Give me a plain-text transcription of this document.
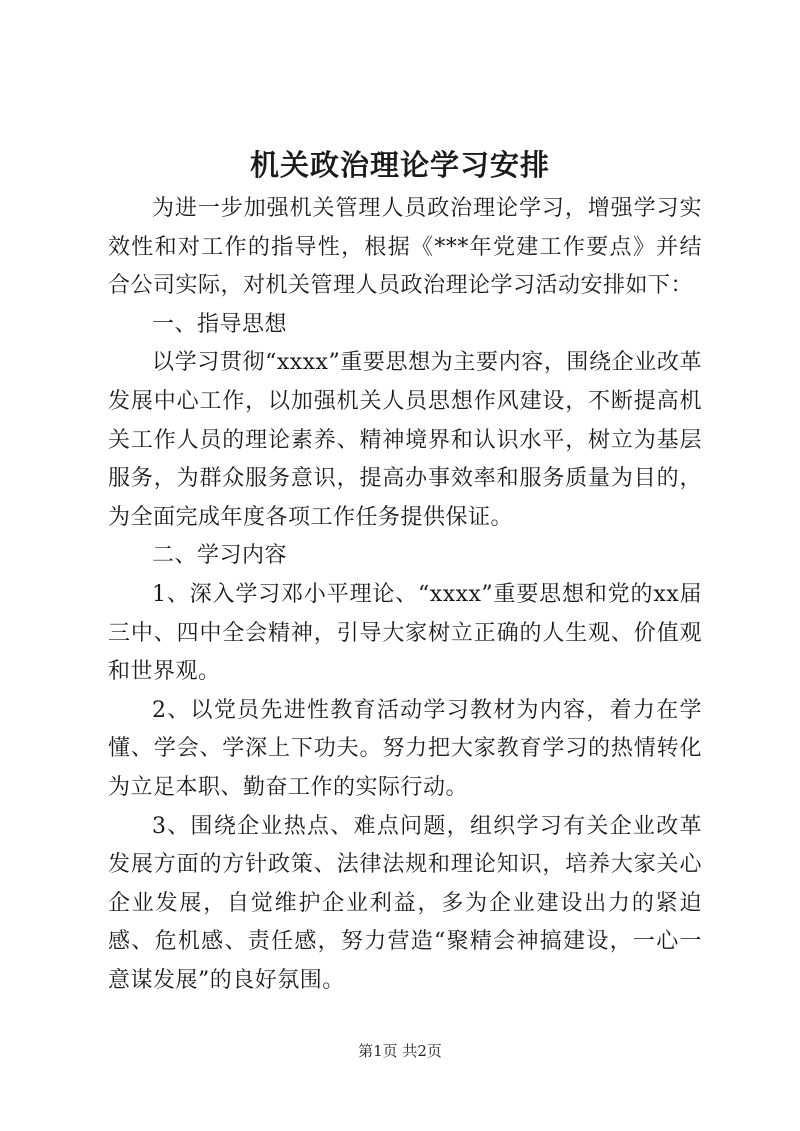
机关政治理论学习安排

为进一步加强机关管理人员政治理论学习，增强学习实效性和对工作的指导性，根据《***年党建工作要点》并结合公司实际，对机关管理人员政治理论学习活动安排如下：

一、指导思想

以学习贯彻“xxxx”重要思想为主要内容，围绕企业改革发展中心工作，以加强机关人员思想作风建设，不断提高机关工作人员的理论素养、精神境界和认识水平，树立为基层服务，为群众服务意识，提高办事效率和服务质量为目的，为全面完成年度各项工作任务提供保证。

二、学习内容

1、深入学习邓小平理论、“xxxx”重要思想和党的xx届三中、四中全会精神，引导大家树立正确的人生观、价值观和世界观。

2、以党员先进性教育活动学习教材为内容，着力在学懂、学会、学深上下功夫。努力把大家教育学习的热情转化为立足本职、勤奋工作的实际行动。

3、围绕企业热点、难点问题，组织学习有关企业改革发展方面的方针政策、法律法规和理论知识，培养大家关心企业发展，自觉维护企业利益，多为企业建设出力的紧迫感、危机感、责任感，努力营造“聚精会神搞建设，一心一意谋发展”的良好氛围。

第1页 共2页
